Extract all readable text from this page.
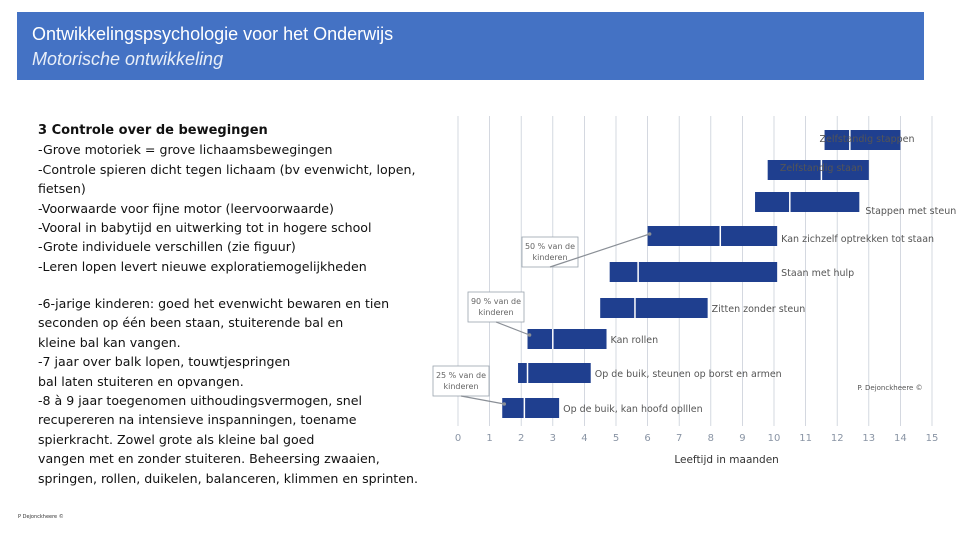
Ontwikkelingspsychologie voor het Onderwijs
Motorische ontwikkeling
3 Controle over de bewegingen
-Grove motoriek = grove lichaamsbewegingen
-Controle spieren dicht tegen lichaam (bv evenwicht, lopen,
fietsen)
-Voorwaarde voor fijne motor (leervoorwaarde)
-Vooral in babytijd en uitwerking tot in hogere school
-Grote individuele verschillen (zie figuur)
-Leren lopen levert nieuwe exploratiemogelijkheden
-6-jarige kinderen: goed het evenwicht bewaren en tien
seconden op één been staan, stuiterende bal en
kleine bal kan vangen.
-7 jaar over balk lopen, touwtjespringen
bal laten stuiteren en opvangen.
-8 à 9 jaar toegenomen uithoudingsvermogen, snel
recupereren na intensieve inspanningen, toename
spierkracht. Zowel grote als kleine bal goed
vangen met en zonder stuiteren. Beheersing zwaaien,
springen, rollen, duikelen, balanceren, klimmen en sprinten.
P Dejonckheere ©
0	1	2	3	4	5	6	7	8	9 10 11 12 13 14 15
Leeftijd in maanden
Zelfstandig stappen
Zelfstandig staan
Stappen met steun
Kan zichzelf optrekken tot staan
Staan met hulp
Zitten zonder steun
Kan rollen
Op de buik, steunen op borst en armen
Op de buik, kan hoofd oplllen
50 % van de
kinderen
90 % van de
kinderen
25 % van de
kinderen	P. Dejonckheere ©
